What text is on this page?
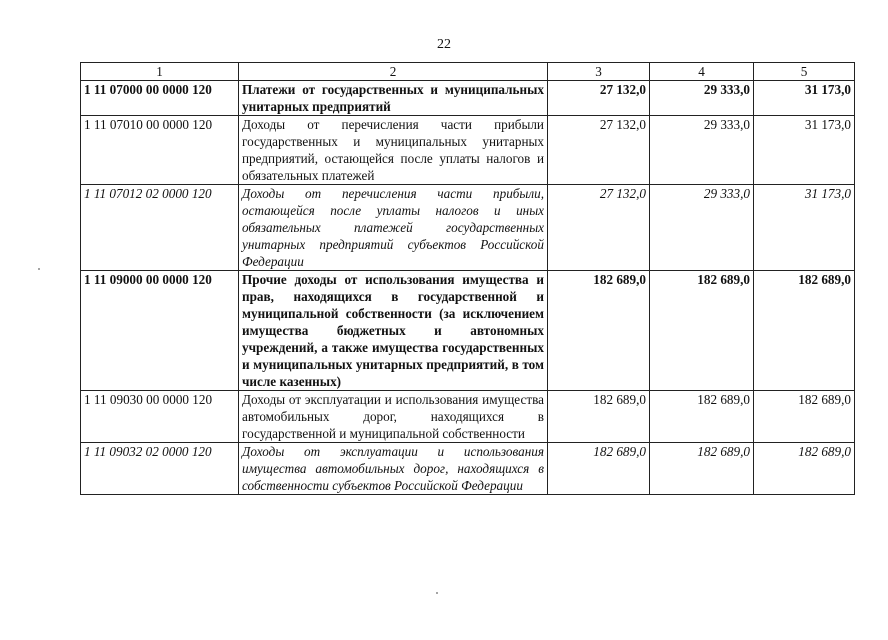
22
1	2	3	4	5
1 11 07000 00 0000 120	Платежи от государственных и муниципальных унитарных предприятий	27 132,0	29 333,0	31 173,0
1 11 07010 00 0000 120	Доходы от перечисления части прибыли государственных и муниципальных унитарных предприятий, остающейся после уплаты налогов и обязательных платежей	27 132,0	29 333,0	31 173,0
1 11 07012 02 0000 120	Доходы от перечисления части прибыли, остающейся после уплаты налогов и иных обязательных платежей государственных унитарных предприятий субъектов Российской Федерации	27 132,0	29 333,0	31 173,0
1 11 09000 00 0000 120	Прочие доходы от использования имущества и прав, находящихся в государственной и муниципальной собственности (за исключением имущества бюджетных и автономных учреждений, а также имущества государственных и муниципальных унитарных предприятий, в том числе казенных)	182 689,0	182 689,0	182 689,0
1 11 09030 00 0000 120	Доходы от эксплуатации и использования имущества автомобильных дорог, находящихся в государственной и муниципальной собственности	182 689,0	182 689,0	182 689,0
1 11 09032 02 0000 120	Доходы от эксплуатации и использования имущества автомобильных дорог, находящихся в собственности субъектов Российской Федерации	182 689,0	182 689,0	182 689,0
